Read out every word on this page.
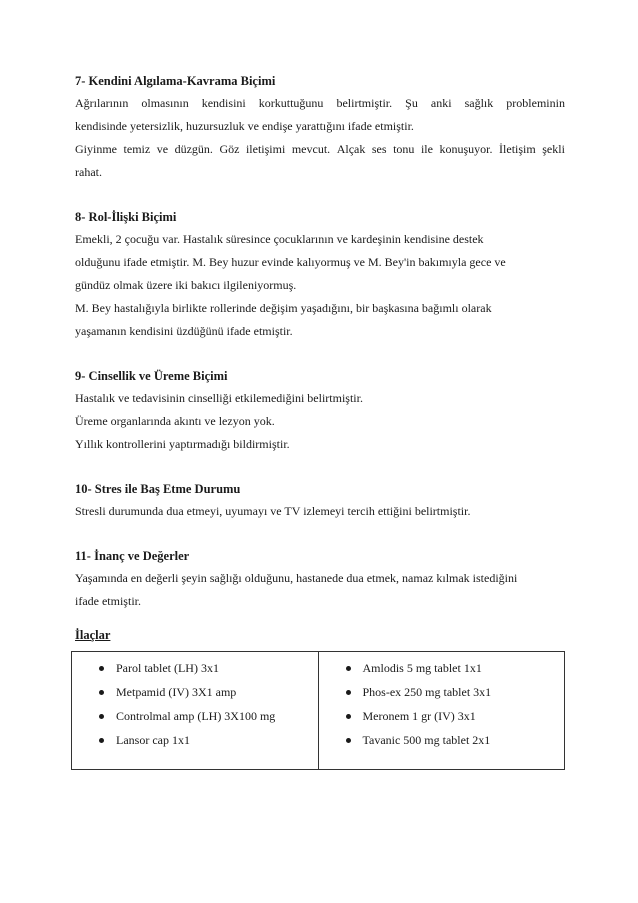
7- Kendini Algılama-Kavrama Biçimi
Ağrılarının olmasının kendisini korkuttuğunu belirtmiştir. Şu anki sağlık probleminin
kendisinde yetersizlik, huzursuzluk ve endişe yarattığını ifade etmiştir.
Giyinme temiz ve düzgün. Göz iletişimi mevcut. Alçak ses tonu ile konuşuyor. İletişim şekli
rahat.
8- Rol-İlişki Biçimi
Emekli, 2 çocuğu var. Hastalık süresince çocuklarının ve kardeşinin kendisine destek
olduğunu ifade etmiştir. M. Bey huzur evinde kalıyormuş ve M. Bey'in bakımıyla gece ve
gündüz olmak üzere iki bakıcı ilgileniyormuş.
M. Bey hastalığıyla birlikte rollerinde değişim yaşadığını, bir başkasına bağımlı olarak
yaşamanın kendisini üzdüğünü ifade etmiştir.
9- Cinsellik ve Üreme Biçimi
Hastalık ve tedavisinin cinselliği etkilemediğini belirtmiştir.
Üreme organlarında akıntı ve lezyon yok.
Yıllık kontrollerini yaptırmadığı bildirmiştir.
10- Stres ile Baş Etme Durumu
Stresli durumunda dua etmeyi, uyumayı ve TV izlemeyi tercih ettiğini belirtmiştir.
11- İnanç ve Değerler
Yaşamında en değerli şeyin sağlığı olduğunu, hastanede dua etmek, namaz kılmak istediğini
ifade etmiştir.
İlaçlar
Parol tablet (LH) 3x1
Metpamid (IV) 3X1 amp
Controlmal amp (LH) 3X100 mg
Lansor cap 1x1
Amlodis 5 mg tablet 1x1
Phos-ex 250 mg tablet 3x1
Meronem 1 gr (IV) 3x1
Tavanic 500 mg tablet 2x1
